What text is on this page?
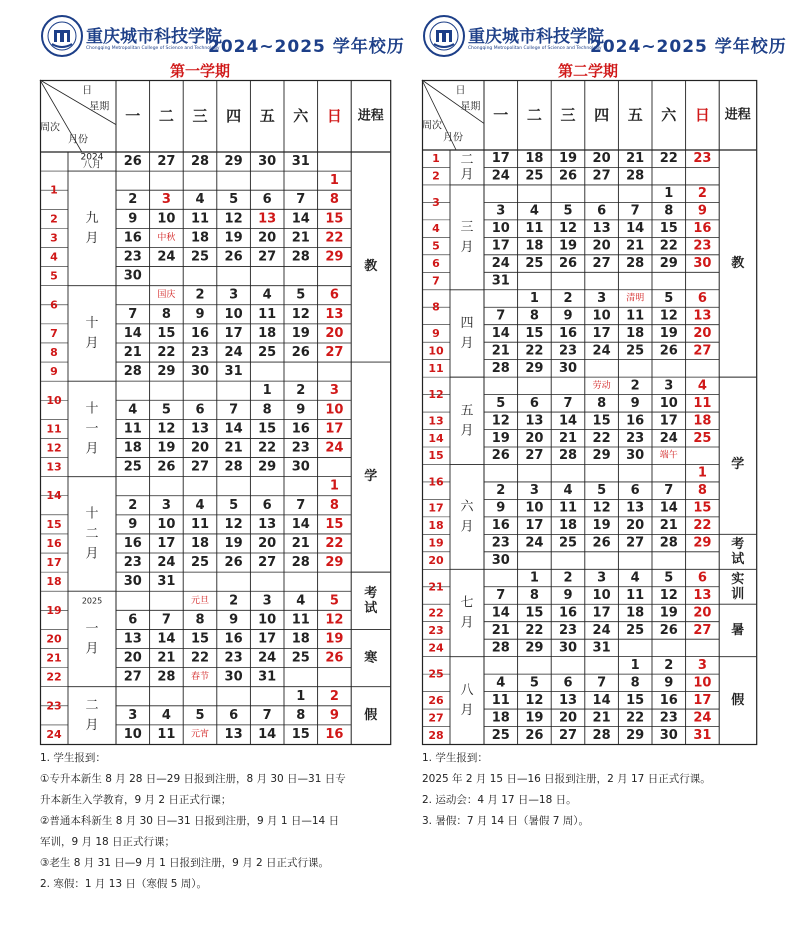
重庆城市科技学院
Chongqing Metropolitan College of Science and Technology
2024~2025 学年校历
第一学期
日
星期
周次
月份
一 二 三 四 五 六 日 进程
1
2
3
4
5
6
7
8
9
10
11
12
13
14
15
16
17
18
19
20
21
22
23
24
2024
八月
九
月
十
月
十
一
月
十
二
月
一
月
2025
二
月
26 27 28 29 30 31
1
2 3 4 5 6 7 8
9 10 11 12 13 14 15
16 中秋 18 19 20 21 22
23 24 25 26 27 28 29
30
国庆 2 3 4 5 6
7 8 9 10 11 12 13
14 15 16 17 18 19 20
21 22 23 24 25 26 27
28 29 30 31
1 2 3
4 5 6 7 8 9 10
11 12 13 14 15 16 17
18 19 20 21 22 23 24
25 26 27 28 29 30
1
2 3 4 5 6 7 8
9 10 11 12 13 14 15
16 17 18 19 20 21 22
23 24 25 26 27 28 29
30 31
元旦 2 3 4 5
6 7 8 9 10 11 12
13 14 15 16 17 18 19
20 21 22 23 24 25 26
27 28 春节 30 31
1 2
3 4 5 6 7 8 9
10 11 元宵 13 14 15 16
教
学
考
试
寒
假
1. 学生报到：
①专升本新生 8 月 28 日—29 日报到注册，8 月 30 日—31 日专
升本新生入学教育，9 月 2 日正式行课；
②普通本科新生 8 月 30 日—31 日报到注册，9 月 1 日—14 日
军训，9 月 18 日正式行课；
③老生 8 月 31 日—9 月 1 日报到注册，9 月 2 日正式行课。
2. 寒假：1 月 13 日（寒假 5 周）。
重庆城市科技学院
Chongqing Metropolitan College of Science and Technology
2024~2025 学年校历
第二学期
日
星期
周次
月份
一 二 三 四 五 六 日 进程
1
2
3
4
5
6
7
8
9
10
11
12
13
14
15
16
17
18
19
20
21
22
23
24
25
26
27
28
二
月
三
月
四
月
五
月
六
月
七
月
八
月
17 18 19 20 21 22 23
24 25 26 27 28
1 2
3 4 5 6 7 8 9
10 11 12 13 14 15 16
17 18 19 20 21 22 23
24 25 26 27 28 29 30
31
1 2 3 清明 5 6
7 8 9 10 11 12 13
14 15 16 17 18 19 20
21 22 23 24 25 26 27
28 29 30
劳动 2 3 4
5 6 7 8 9 10 11
12 13 14 15 16 17 18
19 20 21 22 23 24 25
26 27 28 29 30 端午
1
2 3 4 5 6 7 8
9 10 11 12 13 14 15
16 17 18 19 20 21 22
23 24 25 26 27 28 29
30
1 2 3 4 5 6
7 8 9 10 11 12 13
14 15 16 17 18 19 20
21 22 23 24 25 26 27
28 29 30 31
1 2 3
4 5 6 7 8 9 10
11 12 13 14 15 16 17
18 19 20 21 22 23 24
25 26 27 28 29 30 31
教
学
考
试
实
训
暑
假
1. 学生报到：
2025 年 2 月 15 日—16 日报到注册，2 月 17 日正式行课。
2. 运动会：4 月 17 日—18 日。
3. 暑假：7 月 14 日（暑假 7 周）。
